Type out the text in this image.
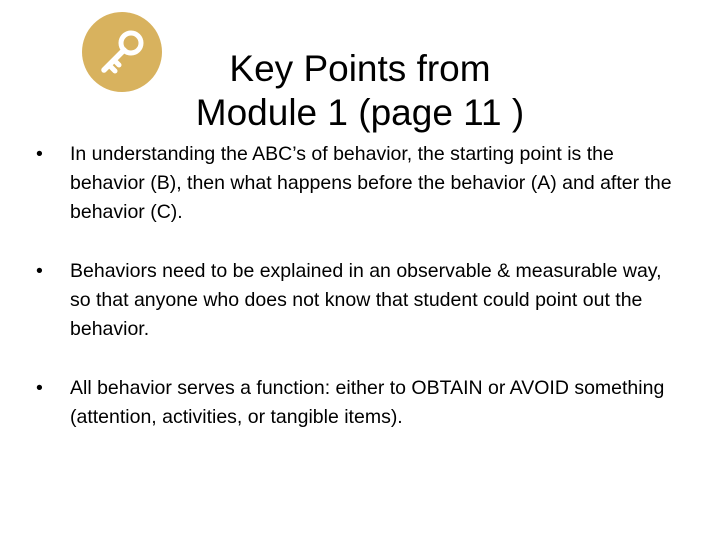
Key Points from
Module 1 (page 11 )
•	In understanding the ABC’s of behavior, the starting point is the behavior (B), then what happens before the behavior (A) and after the behavior (C).
•	Behaviors need to be explained in an observable & measurable way, so that anyone who does not know that student could point out the behavior.
•	All behavior serves a function: either to OBTAIN or AVOID something (attention, activities, or tangible items).
